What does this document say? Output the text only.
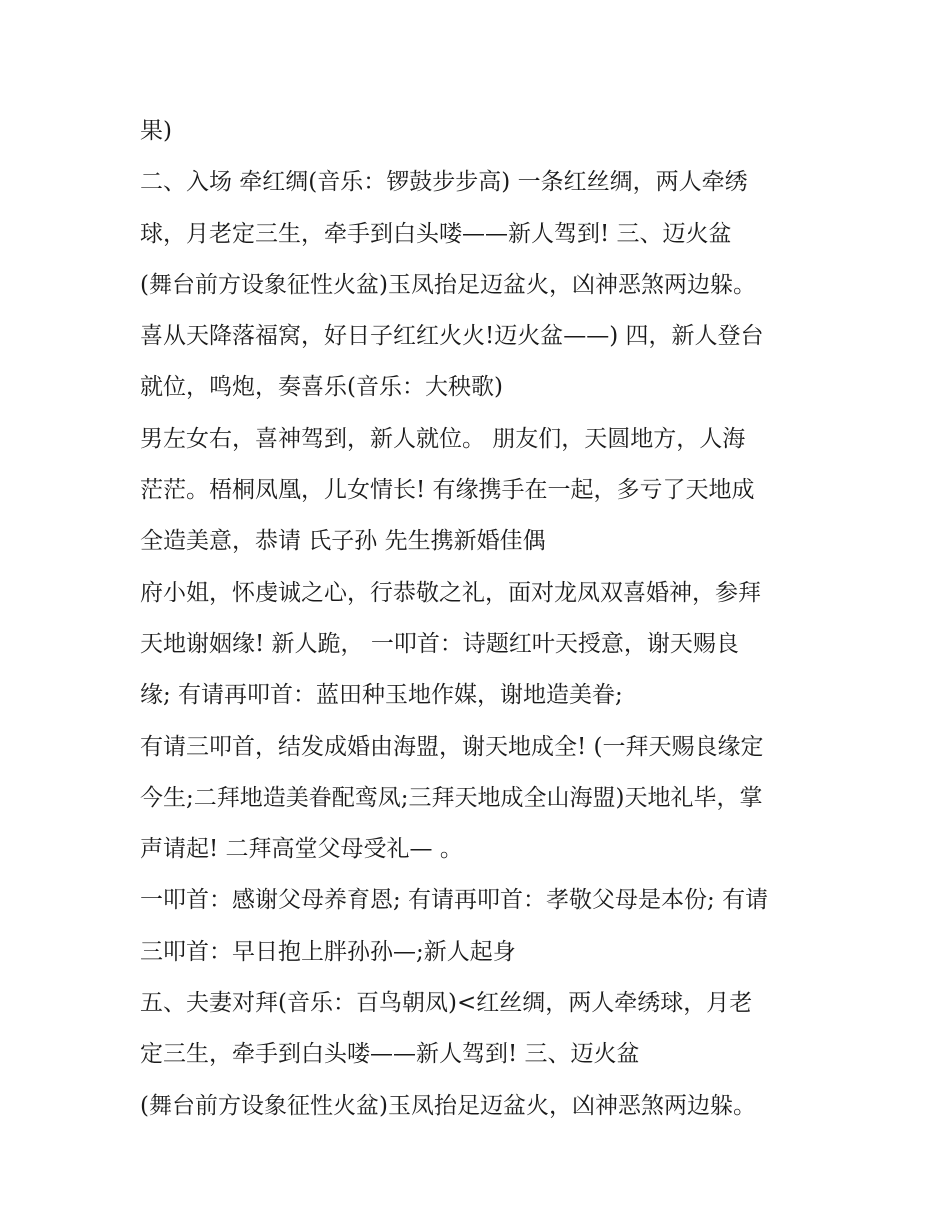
果)
二、入场 牵红绸(音乐：锣鼓步步高) 一条红丝绸，两人牵绣
球，月老定三生，牵手到白头喽——新人驾到! 三、迈火盆
(舞台前方设象征性火盆)玉凤抬足迈盆火，凶神恶煞两边躲。
喜从天降落福窝，好日子红红火火!迈火盆——) 四，新人登台
就位，鸣炮，奏喜乐(音乐：大秧歌)
男左女右，喜神驾到，新人就位。 朋友们，天圆地方，人海
茫茫。梧桐凤凰，儿女情长! 有缘携手在一起，多亏了天地成
全造美意，恭请 氏子孙 先生携新婚佳偶
府小姐，怀虔诚之心，行恭敬之礼，面对龙凤双喜婚神，参拜
天地谢姻缘! 新人跪， 一叩首：诗题红叶天授意，谢天赐良
缘; 有请再叩首：蓝田种玉地作媒，谢地造美眷;
有请三叩首，结发成婚由海盟，谢天地成全! (一拜天赐良缘定
今生;二拜地造美眷配鸾凤;三拜天地成全山海盟)天地礼毕，掌
声请起! 二拜高堂父母受礼— 。
一叩首：感谢父母养育恩; 有请再叩首：孝敬父母是本份; 有请
三叩首：早日抱上胖孙孙—;新人起身
五、夫妻对拜(音乐：百鸟朝凤)<红丝绸，两人牵绣球，月老
定三生，牵手到白头喽——新人驾到! 三、迈火盆
(舞台前方设象征性火盆)玉凤抬足迈盆火，凶神恶煞两边躲。
